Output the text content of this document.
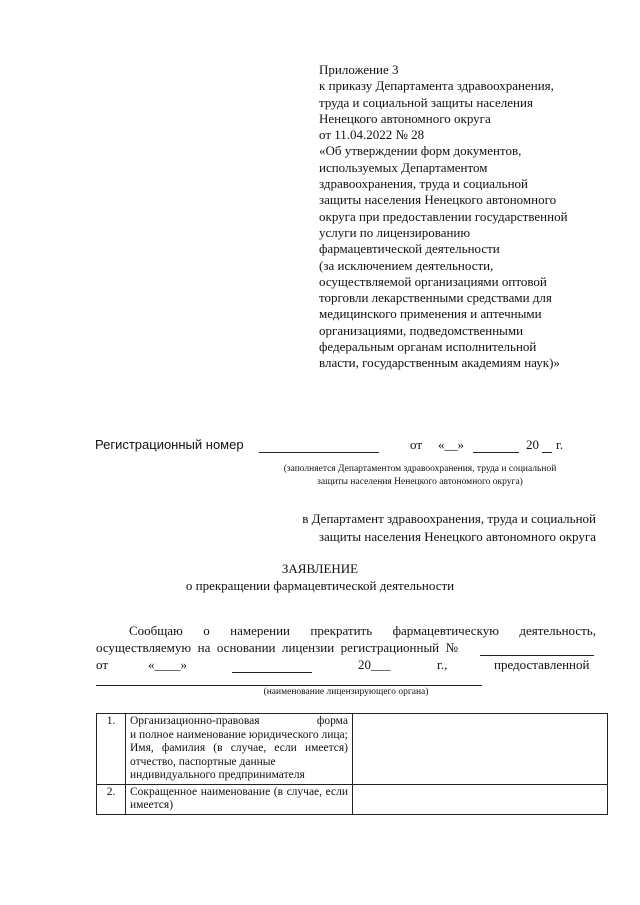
Приложение 3
к приказу Департамента здравоохранения,
труда и социальной защиты населения
Ненецкого автономного округа
от 11.04.2022 № 28
«Об утверждении форм документов,
используемых Департаментом
здравоохранения, труда и социальной
защиты населения Ненецкого автономного
округа при предоставлении государственной
услуги по лицензированию
фармацевтической деятельности
(за исключением деятельности,
осуществляемой организациями оптовой
торговли лекарственными средствами для
медицинского применения и аптечными
организациями, подведомственными
федеральным органам исполнительной
власти, государственным академиям наук)»
Регистрационный номер	от «__»	20 г.
(заполняется Департаментом здравоохранения, труда и социальной
защиты населения Ненецкого автономного округа)
в Департамент здравоохранения, труда и социальной
защиты населения Ненецкого автономного округа
ЗАЯВЛЕНИЕ
о прекращении фармацевтической деятельности
Сообщаю о намерении прекратить фармацевтическую деятельность,
осуществляемую  на  основании  лицензии  регистрационный  №
от	«____»	20___	г.,	предоставленной
(наименование лицензирующего органа)
1.	Организационно-правовая форма
и полное наименование юридического лица;
Имя, фамилия (в случае, если имеется) отчество, паспортные данные
индивидуального предпринимателя	

2.	Сокращенное наименование (в случае, если имеется)	
